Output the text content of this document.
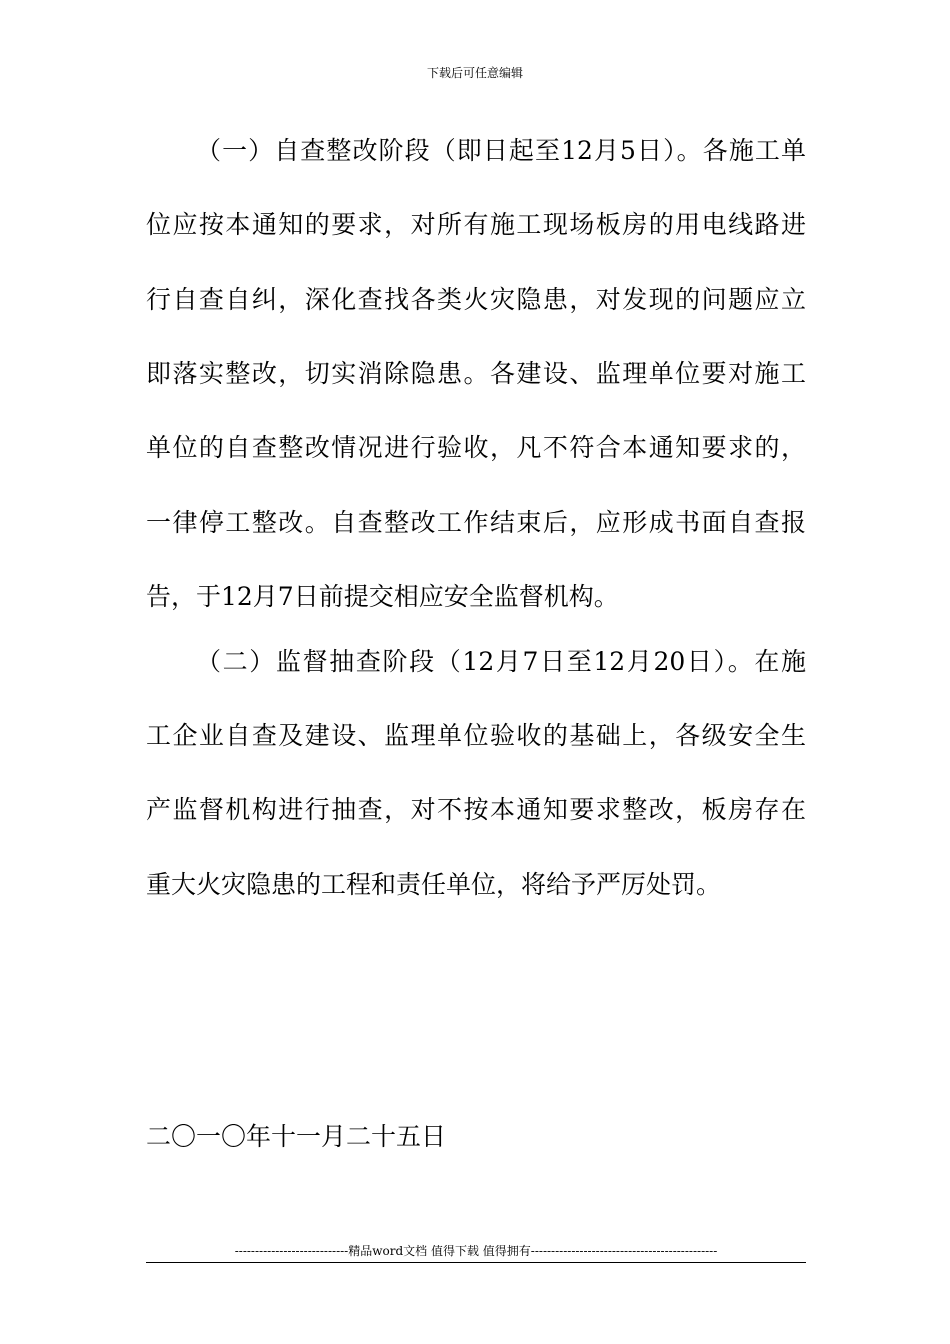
下载后可任意编辑
（一）自查整改阶段（即日起至12月5日）。各施工单
位应按本通知的要求，对所有施工现场板房的用电线路进
行自查自纠，深化查找各类火灾隐患，对发现的问题应立
即落实整改，切实消除隐患。各建设、监理单位要对施工
单位的自查整改情况进行验收，凡不符合本通知要求的，
一律停工整改。自查整改工作结束后，应形成书面自查报
告，于12月7日前提交相应安全监督机构。
（二）监督抽查阶段（12月7日至12月20日）。在施
工企业自查及建设、监理单位验收的基础上，各级安全生
产监督机构进行抽查，对不按本通知要求整改，板房存在
重大火灾隐患的工程和责任单位，将给予严厉处罚。
二〇一〇年十一月二十五日
----------------------------精品word文档 值得下载 值得拥有----------------------------------------------
